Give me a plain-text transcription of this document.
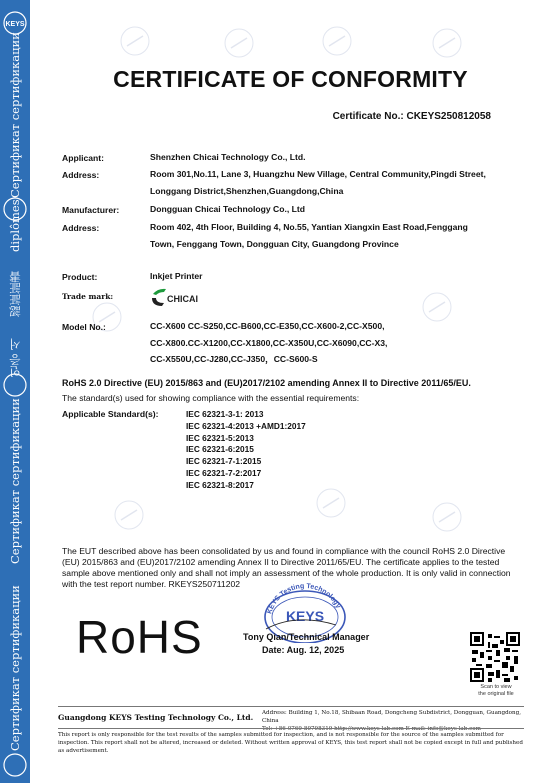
KEYS
Сертификат сертификации
diplômes
認証証書
인증 서
Сертификат сертификации
Сертификат сертификации
CERTIFICATE OF CONFORMITY
Certificate No.: CKEYS250812058
Applicant:	Shenzhen Chicai Technology Co., Ltd.
Address:	Room 301,No.11, Lane 3, Huangzhu New Village, Central Community,Pingdi Street, Longgang District,Shenzhen,Guangdong,China
Manufacturer:	Dongguan Chicai Technology Co., Ltd
Address:	Room 402, 4th Floor, Building 4, No.55, Yantian Xiangxin East Road,Fenggang Town, Fenggang Town, Dongguan City, Guangdong Province
Product:	Inkjet Printer
Trade mark:	CHICAI
Model No.:	CC-X600 CC-S250,CC-B600,CC-E350,CC-X600-2,CC-X500,
CC-X800.CC-X1200,CC-X1800,CC-X350U,CC-X6090,CC-X3,
CC-X550U,CC-J280,CC-J350，CC-S600-S
RoHS 2.0 Directive (EU) 2015/863 and (EU)2017/2102 amending Annex II to Directive 2011/65/EU.
The standard(s) used for showing compliance with the essential requirements:
Applicable Standard(s):	IEC 62321-3-1: 2013
IEC 62321-4:2013 +AMD1:2017
IEC 62321-5:2013
IEC 62321-6:2015
IEC 62321-7-1:2015
IEC 62321-7-2:2017
IEC 62321-8:2017
The EUT described above has been consolidated by us and found in compliance with the council RoHS 2.0 Directive (EU) 2015/863 and (EU)2017/2102 amending Annex II to Directive 2011/65/EU. The certificate applies to the tested sample above mentioned only and shall not imply an assessment of the whole production. It is only valid in connection with the test report number. RKEYS250711202
RoHS	KEYS Testing Technology
KEYS
Tony Qian/Technical Manager
Date: Aug. 12, 2025
Scan to view
the original file
Guangdong KEYS Testing Technology Co., Ltd. Address: Building 1, No.18, Shibaan Road, Dongcheng Subdistrict, Dongguan, Guangdong, China
Tel: +86-0769-89798319 http://www.keys-lab.com E-mail: info@keys-lab.com
This report is only responsible for the test results of the samples submitted for inspection, and is not responsible for the source of the samples submitted for inspection. This report shall not be altered, increased or deleted. Without written approval of KEYS, this test report shall not be copied except in full and published as advertisement.
